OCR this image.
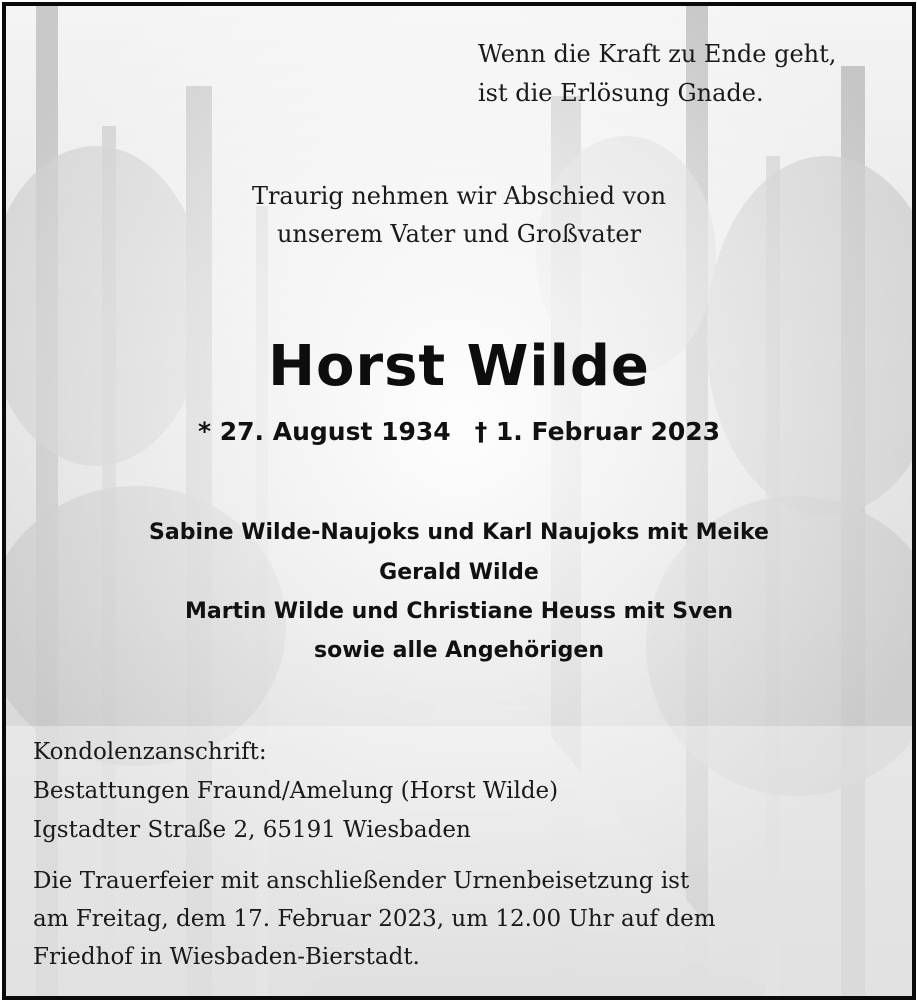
Wenn die Kraft zu Ende geht,

ist die Erlösung Gnade.

Traurig nehmen wir Abschied von

unserem Vater und Großvater

Horst Wilde

* 27. August 1934 † 1. Februar 2023

Sabine Wilde-Naujoks und Karl Naujoks mit Meike

Gerald Wilde

Martin Wilde und Christiane Heuss mit Sven

sowie alle Angehörigen

Kondolenzanschrift:

Bestattungen Fraund/Amelung (Horst Wilde)

Igstadter Straße 2, 65191 Wiesbaden

Die Trauerfeier mit anschließender Urnenbeisetzung ist

am Freitag, dem 17. Februar 2023, um 12.00 Uhr auf dem

Friedhof in Wiesbaden-Bierstadt.
